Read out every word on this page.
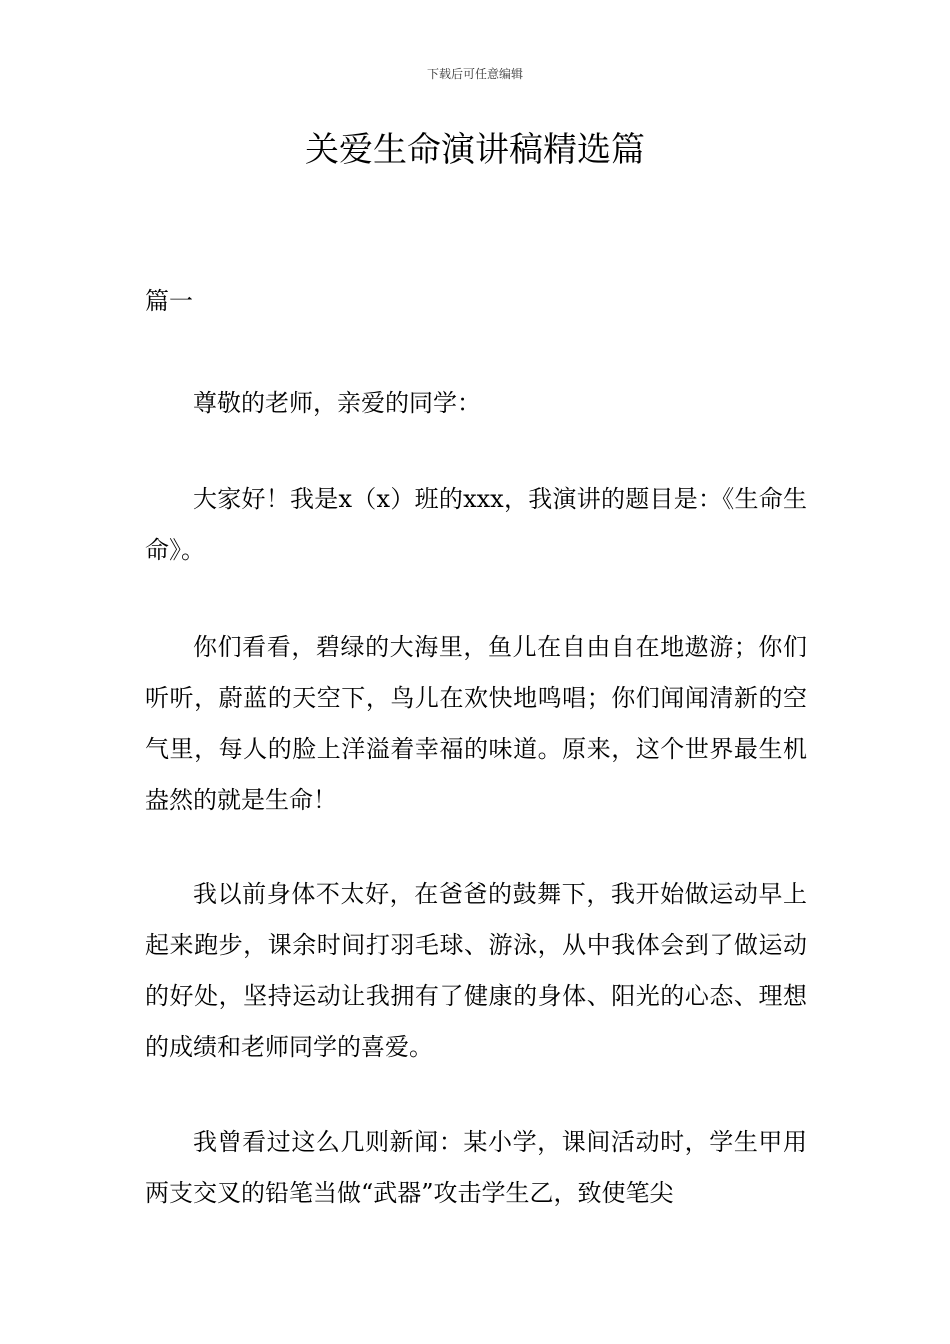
下载后可任意编辑
关爱生命演讲稿精选篇
篇一

尊敬的老师，亲爱的同学：

大家好！我是x（x）班的xxx，我演讲的题目是：《生命生命》。

你们看看，碧绿的大海里，鱼儿在自由自在地遨游；你们听听，蔚蓝的天空下，鸟儿在欢快地鸣唱；你们闻闻清新的空气里，每人的脸上洋溢着幸福的味道。原来，这个世界最生机盎然的就是生命！

我以前身体不太好，在爸爸的鼓舞下，我开始做运动早上起来跑步，课余时间打羽毛球、游泳，从中我体会到了做运动的好处，坚持运动让我拥有了健康的身体、阳光的心态、理想的成绩和老师同学的喜爱。

我曾看过这么几则新闻：某小学，课间活动时，学生甲用两支交叉的铅笔当做“武器”攻击学生乙，致使笔尖
